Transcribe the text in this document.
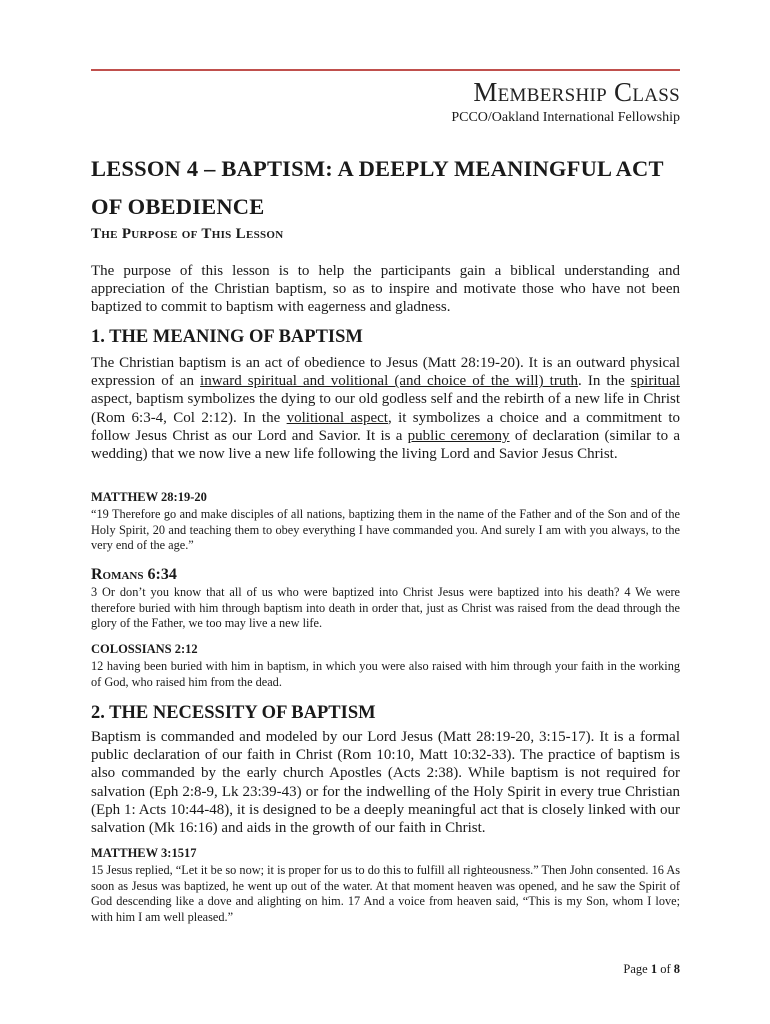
Membership Class
PCCO/Oakland International Fellowship
LESSON 4 – BAPTISM: A DEEPLY MEANINGFUL ACT OF OBEDIENCE
The Purpose of This Lesson

The purpose of this lesson is to help the participants gain a biblical understanding and appreciation of the Christian baptism, so as to inspire and motivate those who have not been baptized to commit to baptism with eagerness and gladness.

1. THE MEANING OF BAPTISM

The Christian baptism is an act of obedience to Jesus (Matt 28:19-20). It is an outward physical expression of an inward spiritual and volitional (and choice of the will) truth. In the spiritual aspect, baptism symbolizes the dying to our old godless self and the rebirth of a new life in Christ (Rom 6:3-4, Col 2:12). In the volitional aspect, it symbolizes a choice and a commitment to follow Jesus Christ as our Lord and Savior. It is a public ceremony of declaration (similar to a wedding) that we now live a new life following the living Lord and Savior Jesus Christ.

MATTHEW 28:19-20

“19 Therefore go and make disciples of all nations, baptizing them in the name of the Father and of the Son and of the Holy Spirit, 20 and teaching them to obey everything I have commanded you. And surely I am with you always, to the very end of the age.”

Romans 6:34

3 Or don’t you know that all of us who were baptized into Christ Jesus were baptized into his death? 4 We were therefore buried with him through baptism into death in order that, just as Christ was raised from the dead through the glory of the Father, we too may live a new life.

COLOSSIANS 2:12

12 having been buried with him in baptism, in which you were also raised with him through your faith in the working of God, who raised him from the dead.

2. THE NECESSITY OF BAPTISM

Baptism is commanded and modeled by our Lord Jesus (Matt 28:19-20, 3:15-17). It is a formal public declaration of our faith in Christ (Rom 10:10, Matt 10:32-33). The practice of baptism is also commanded by the early church Apostles (Acts 2:38). While baptism is not required for salvation (Eph 2:8-9, Lk 23:39-43) or for the indwelling of the Holy Spirit in every true Christian (Eph 1: Acts 10:44-48), it is designed to be a deeply meaningful act that is closely linked with our salvation (Mk 16:16) and aids in the growth of our faith in Christ.

MATTHEW 3:1517

15 Jesus replied, “Let it be so now; it is proper for us to do this to fulfill all righteousness.” Then John consented. 16 As soon as Jesus was baptized, he went up out of the water. At that moment heaven was opened, and he saw the Spirit of God descending like a dove and alighting on him. 17 And a voice from heaven said, “This is my Son, whom I love; with him I am well pleased.”

Page 1 of 8
